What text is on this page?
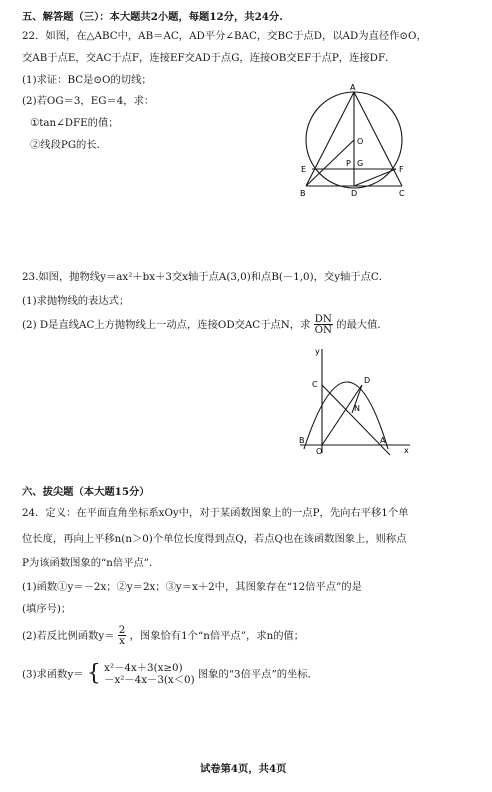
五、解答题（三）：本大题共2小题，每题12分，共24分.
22．如图，在△ABC中，AB＝AC，AD平分∠BAC，交BC于点D，以AD为直径作⊙O，
交AB于点E，交AC于点F，连接EF交AD于点G，连接OB交EF于点P，连接DF．
(1)求证：BC是⊙O的切线；
(2)若OG＝3，EG＝4，求：
①tan∠DFE的值；
②线段PG的长．
A
O
E	F
P G
B	D	C
23.如图，抛物线y＝ax²＋bx＋3交x轴于点A(3,0)和点B(－1,0)，交y轴于点C．
(1)求抛物线的表达式；
(2) D是直线AC上方抛物线上一动点，连接OD交AC于点N，求 $\frac{DN}{ON}$ 的最大值．
y
C	D
N
B
O
A
x
六、拔尖题（本大题15分）
24．定义：在平面直角坐标系xOy中，对于某函数图象上的一点P，先向右平移1个单
位长度，再向上平移n(n＞0)个单位长度得到点Q，若点Q也在该函数图象上，则称点
P为该函数图象的“n倍平点”．
(1)函数①y＝－2x；②y＝2x；③y＝x＋2中，其图象存在“12倍平点”的是
(填序号)；
(2)若反比例函数$y= \frac{2}{x}$ ，图象恰有1个“n倍平点”，求n的值；
(3)求函数y＝ { x²－4x＋3(x≥0)
－x²－4x－3(x＜0) 图象的“3倍平点”的坐标．
试卷第4页，共4页
